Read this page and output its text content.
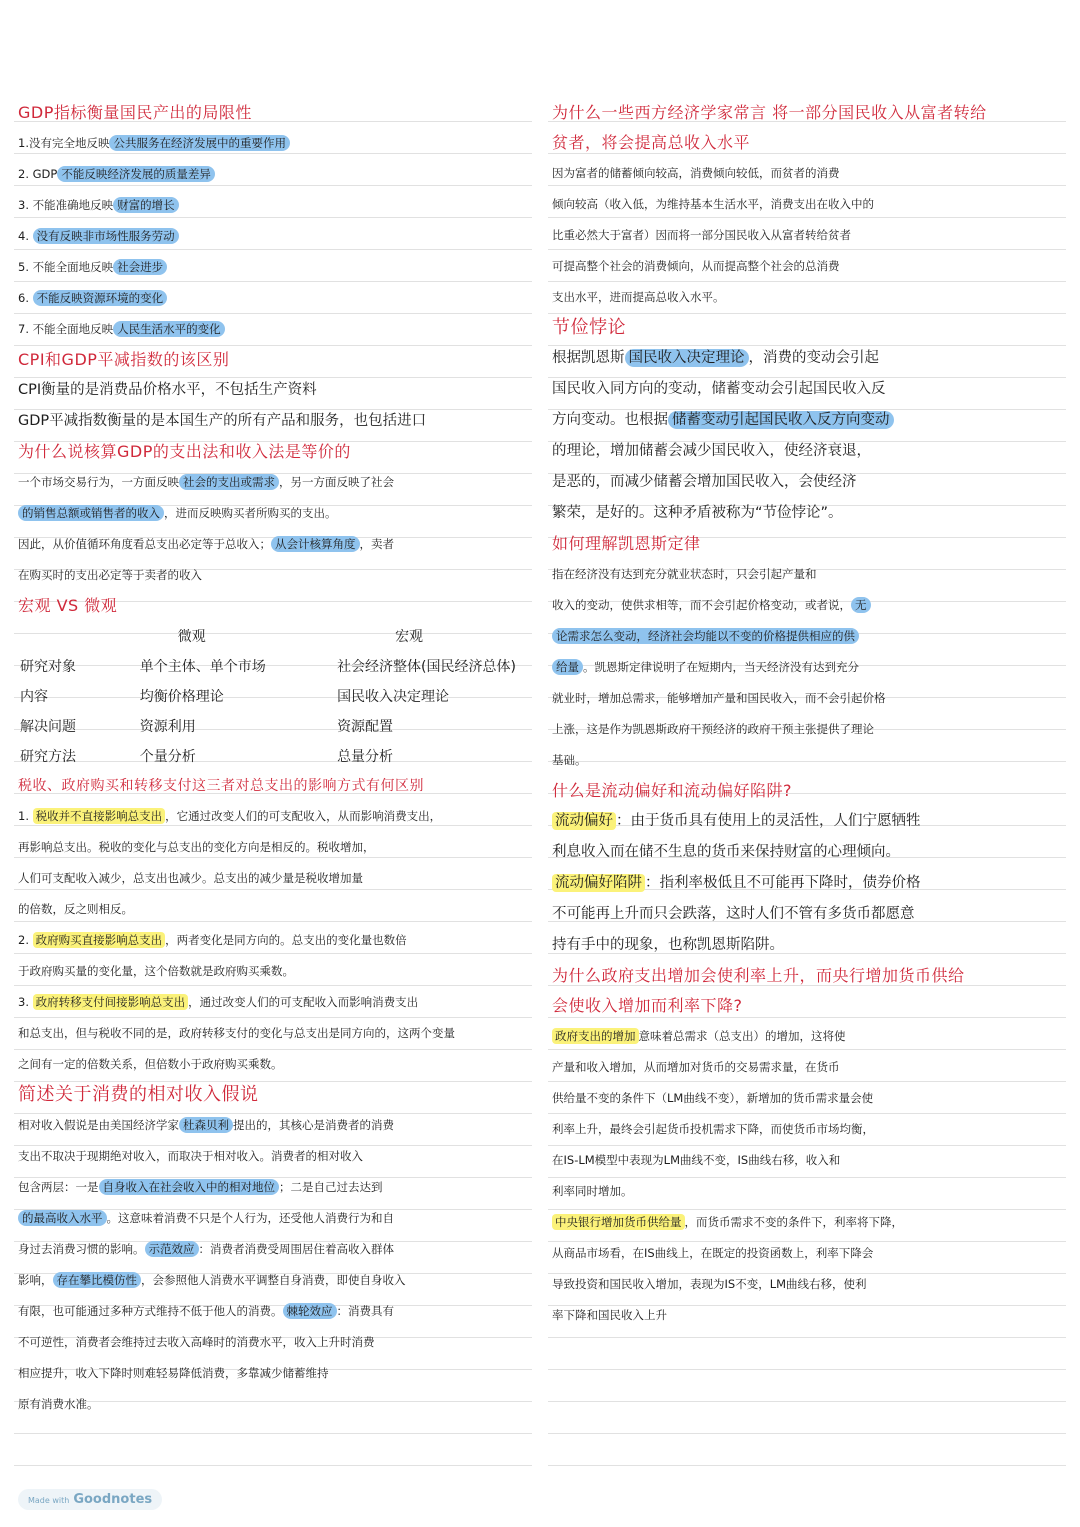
GDP指标衡量国民产出的局限性
1.没有完全地反映 公共服务在经济发展中的重要作用
2. GDP 不能反映经济发展的质量差异
3. 不能准确地反映 财富的增长
4. 没有反映非市场性服务劳动
5. 不能全面地反映 社会进步
6. 不能反映资源环境的变化
7. 不能全面地反映 人民生活水平的变化
CPI和GDP平减指数的该区别
CPI衡量的是消费品价格水平，不包括生产资料
GDP平减指数衡量的是本国生产的所有产品和服务，也包括进口
为什么说核算GDP的支出法和收入法是等价的
一个市场交易行为，一方面反映 社会的支出或需求 ，另一方面反映了社会
的销售总额或销售者的收入 ，进而反映购买者所购买的支出。
因此，从价值循环角度看总支出必定等于总收入； 从会计核算角度 ，卖者
在购买时的支出必定等于卖者的收入
宏观 VS 微观
	微观	宏观
研究对象	单个主体、单个市场	社会经济整体(国民经济总体)
内容	均衡价格理论	国民收入决定理论
解决问题	资源利用	资源配置
研究方法	个量分析	总量分析
税收、政府购买和转移支付这三者对总支出的影响方式有何区别
1. 税收并不直接影响总支出 ，它通过改变人们的可支配收入，从而影响消费支出，
再影响总支出。税收的变化与总支出的变化方向是相反的。税收增加，
人们可支配收入减少，总支出也减少。总支出的减少量是税收增加量
的倍数，反之则相反。
2. 政府购买直接影响总支出 ，两者变化是同方向的。总支出的变化量也数倍
于政府购买量的变化量，这个倍数就是政府购买乘数。
3. 政府转移支付间接影响总支出 ，通过改变人们的可支配收入而影响消费支出
和总支出，但与税收不同的是，政府转移支付的变化与总支出是同方向的，这两个变量
之间有一定的倍数关系，但倍数小于政府购买乘数。
简述关于消费的相对收入假说
相对收入假说是由美国经济学家 杜森贝利 提出的，其核心是消费者的消费
支出不取决于现期绝对收入，而取决于相对收入。消费者的相对收入
包含两层：一是 自身收入在社会收入中的相对地位 ；二是自己过去达到
的最高收入水平 。这意味着消费不只是个人行为，还受他人消费行为和自
身过去消费习惯的影响。 示范效应 ：消费者消费受周围居住着高收入群体
影响， 存在攀比模仿性 ，会参照他人消费水平调整自身消费，即使自身收入
有限，也可能通过多种方式维持不低于他人的消费。 棘轮效应 ：消费具有
不可逆性，消费者会维持过去收入高峰时的消费水平，收入上升时消费
相应提升，收入下降时则难轻易降低消费，多靠减少储蓄维持
原有消费水准。
为什么一些西方经济学家常言 将一部分国民收入从富者转给
贫者，将会提高总收入水平
因为富者的储蓄倾向较高，消费倾向较低，而贫者的消费
倾向较高（收入低，为维持基本生活水平，消费支出在收入中的
比重必然大于富者）因而将一部分国民收入从富者转给贫者
可提高整个社会的消费倾向，从而提高整个社会的总消费
支出水平，进而提高总收入水平。
节俭悖论
根据凯恩斯 国民收入决定理论 ，消费的变动会引起
国民收入同方向的变动，储蓄变动会引起国民收入反
方向变动。也根据 储蓄变动引起国民收入反方向变动
的理论，增加储蓄会减少国民收入，使经济衰退，
是恶的，而减少储蓄会增加国民收入，会使经济
繁荣，是好的。这种矛盾被称为“节俭悖论”。
如何理解凯恩斯定律
指在经济没有达到充分就业状态时，只会引起产量和
收入的变动，使供求相等，而不会引起价格变动，或者说， 无
论需求怎么变动，经济社会均能以不变的价格提供相应的供
给量 。凯恩斯定律说明了在短期内，当天经济没有达到充分
就业时，增加总需求，能够增加产量和国民收入，而不会引起价格
上涨，这是作为凯恩斯政府干预经济的政府干预主张提供了理论
基础。
什么是流动偏好和流动偏好陷阱?
流动偏好 ：由于货币具有使用上的灵活性，人们宁愿牺牲
利息收入而在储不生息的货币来保持财富的心理倾向。
流动偏好陷阱 ：指利率极低且不可能再下降时，债券价格
不可能再上升而只会跌落，这时人们不管有多货币都愿意
持有手中的现象，也称凯恩斯陷阱。
为什么政府支出增加会使利率上升，而央行增加货币供给
会使收入增加而利率下降?
政府支出的增加 意味着总需求（总支出）的增加，这将使
产量和收入增加，从而增加对货币的交易需求量，在货币
供给量不变的条件下（LM曲线不变），新增加的货币需求量会使
利率上升，最终会引起货币投机需求下降，而使货币市场均衡，
在IS-LM模型中表现为LM曲线不变，IS曲线右移，收入和
利率同时增加。
中央银行增加货币供给量 ，而货币需求不变的条件下，利率将下降，
从商品市场看，在IS曲线上，在既定的投资函数上，利率下降会
导致投资和国民收入增加，表现为IS不变，LM曲线右移，使利
率下降和国民收入上升
Made with Goodnotes
